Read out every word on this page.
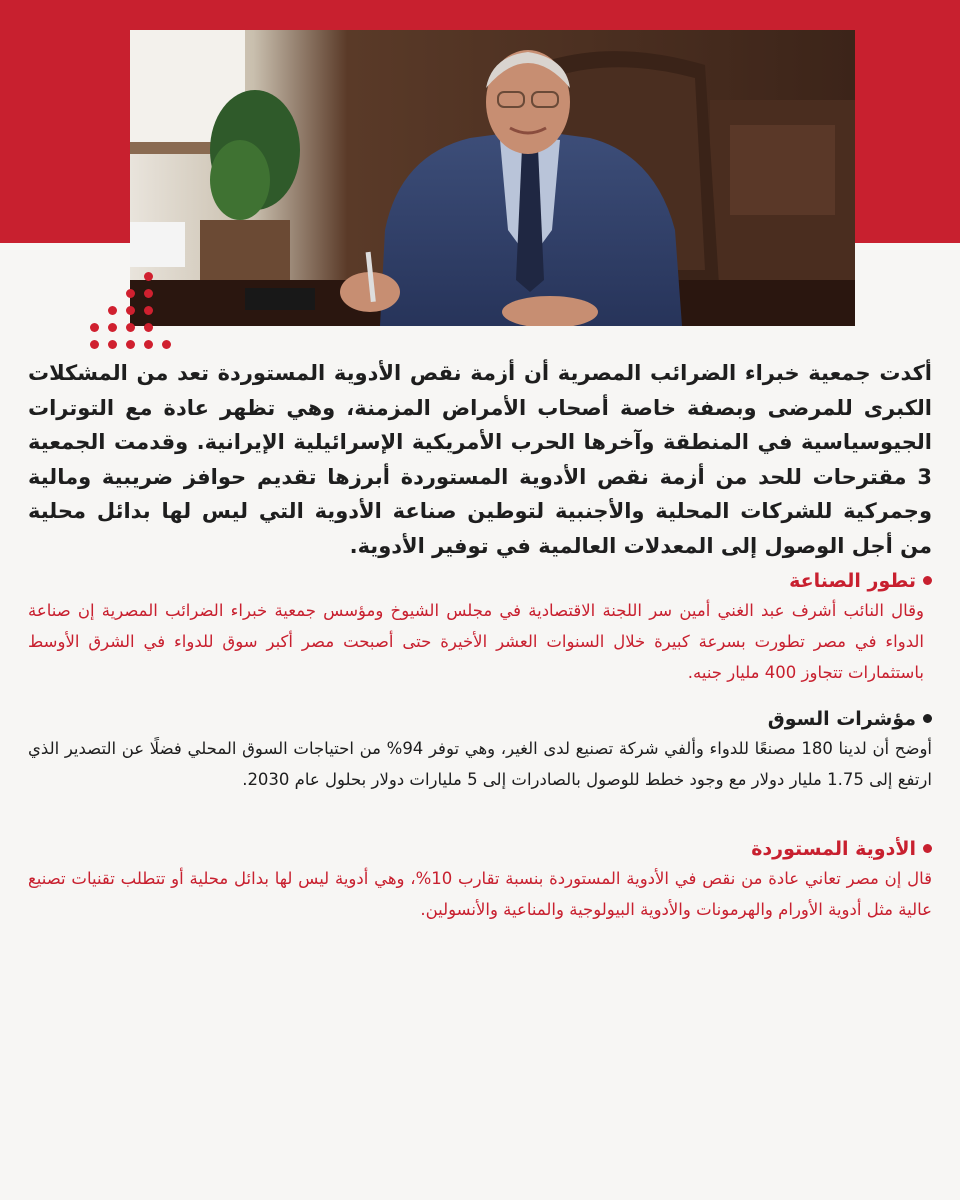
أكدت جمعية خبراء الضرائب المصرية أن أزمة نقص الأدوية المستوردة تعد من المشكلات الكبرى للمرضى وبصفة خاصة أصحاب الأمراض المزمنة، وهي تظهر عادة مع التوترات الجيوسياسية في المنطقة وآخرها الحرب الأمريكية الإسرائيلية الإيرانية. وقدمت الجمعية 3 مقترحات للحد من أزمة نقص الأدوية المستوردة أبرزها تقديم حوافز ضريبية ومالية وجمركية للشركات المحلية والأجنبية لتوطين صناعة الأدوية التي ليس لها بدائل محلية من أجل الوصول إلى المعدلات العالمية في توفير الأدوية.

تطور الصناعة

وقال النائب أشرف عبد الغني أمين سر اللجنة الاقتصادية في مجلس الشيوخ ومؤسس جمعية خبراء الضرائب المصرية إن صناعة الدواء في مصر تطورت بسرعة كبيرة خلال السنوات العشر الأخيرة حتى أصبحت مصر أكبر سوق للدواء في الشرق الأوسط باستثمارات تتجاوز 400 مليار جنيه.

مؤشرات السوق

أوضح أن لدينا 180 مصنعًا للدواء وألفي شركة تصنيع لدى الغير، وهي توفر 94% من احتياجات السوق المحلي فضلًا عن التصدير الذي ارتفع إلى 1.75 مليار دولار مع وجود خطط للوصول بالصادرات إلى 5 مليارات دولار بحلول عام 2030.

الأدوية المستوردة

قال إن مصر تعاني عادة من نقص في الأدوية المستوردة بنسبة تقارب 10%، وهي أدوية ليس لها بدائل محلية أو تتطلب تقنيات تصنيع عالية مثل أدوية الأورام والهرمونات والأدوية البيولوجية والمناعية والأنسولين.
